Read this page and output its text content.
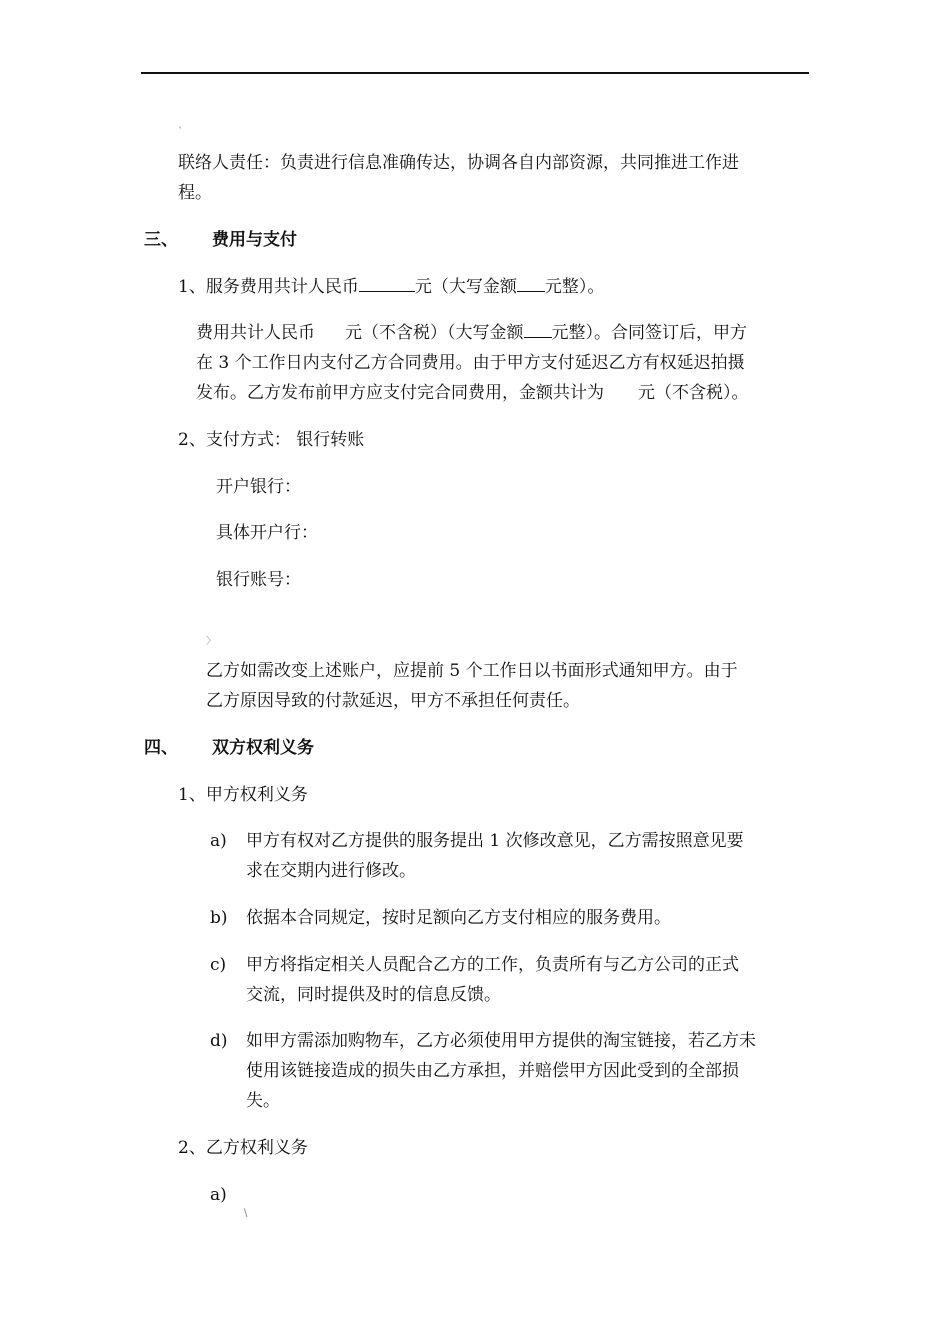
`
联络人责任：负责进行信息准确传达，协调各自内部资源，共同推进工作进
程。
三、 费用与支付
1、服务费用共计人民币	元（大写金额 元整）。
费用共计人民币 元（不含税）（大写金额 元整）。合同签订后，甲方
在 3 个工作日内支付乙方合同费用。由于甲方支付延迟乙方有权延迟拍摄
发布。乙方发布前甲方应支付完合同费用，金额共计为 元（不含税）。
2、支付方式： 银行转账
开户银行：
具体开户行：
银行账号：
〉
乙方如需改变上述账户，应提前 5 个工作日以书面形式通知甲方。由于
乙方原因导致的付款延迟，甲方不承担任何责任。
四、 双方权利义务
1、甲方权利义务
a) 甲方有权对乙方提供的服务提出 1 次修改意见，乙方需按照意见要
求在交期内进行修改。
b) 依据本合同规定，按时足额向乙方支付相应的服务费用。
c) 甲方将指定相关人员配合乙方的工作，负责所有与乙方公司的正式
交流，同时提供及时的信息反馈。
d) 如甲方需添加购物车，乙方必须使用甲方提供的淘宝链接，若乙方未
使用该链接造成的损失由乙方承担，并赔偿甲方因此受到的全部损
失。
2、乙方权利义务
a)
\
